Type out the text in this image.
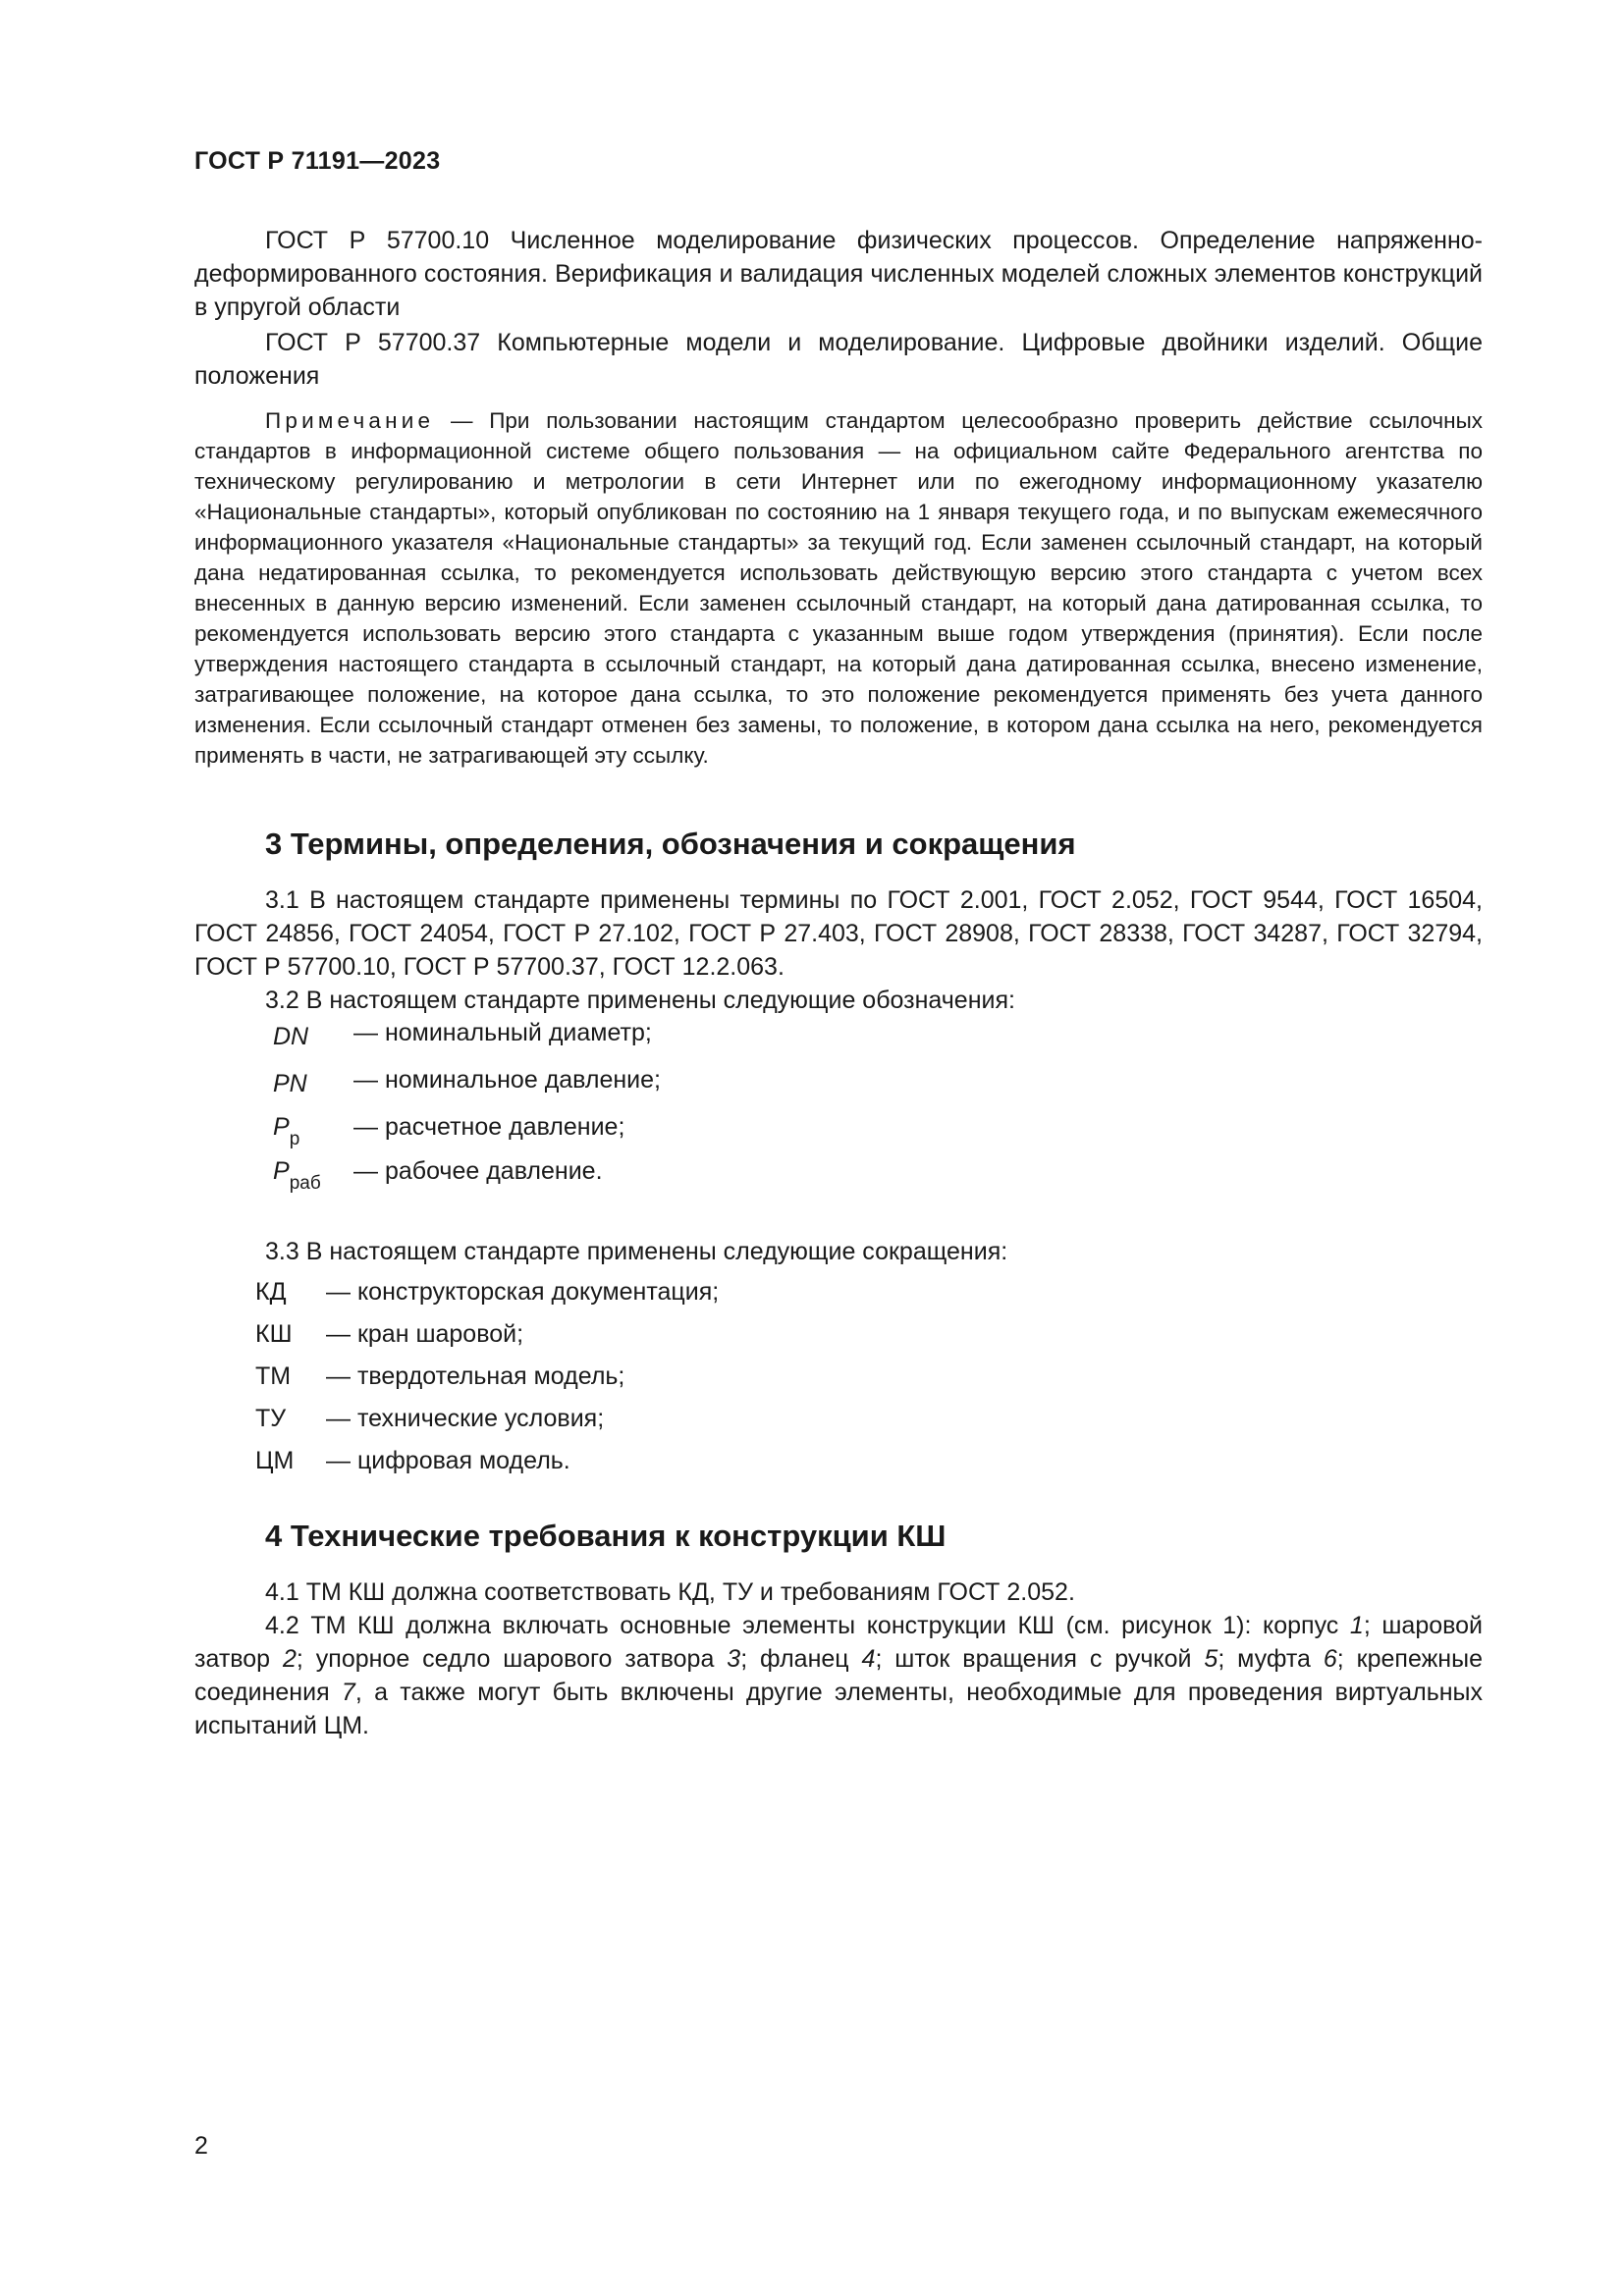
ГОСТ Р 71191—2023

ГОСТ Р 57700.10 Численное моделирование физических процессов. Определение напряженно-деформированного состояния. Верификация и валидация численных моделей сложных элементов конструкций в упругой области

ГОСТ Р 57700.37 Компьютерные модели и моделирование. Цифровые двойники изделий. Общие положения

Примечание — При пользовании настоящим стандартом целесообразно проверить действие ссылочных стандартов в информационной системе общего пользования — на официальном сайте Федерального агентства по техническому регулированию и метрологии в сети Интернет или по ежегодному информационному указателю «Национальные стандарты», который опубликован по состоянию на 1 января текущего года, и по выпускам ежемесячного информационного указателя «Национальные стандарты» за текущий год. Если заменен ссылочный стандарт, на который дана недатированная ссылка, то рекомендуется использовать действующую версию этого стандарта с учетом всех внесенных в данную версию изменений. Если заменен ссылочный стандарт, на который дана датированная ссылка, то рекомендуется использовать версию этого стандарта с указанным выше годом утверждения (принятия). Если после утверждения настоящего стандарта в ссылочный стандарт, на который дана датированная ссылка, внесено изменение, затрагивающее положение, на которое дана ссылка, то это положение рекомендуется применять без учета данного изменения. Если ссылочный стандарт отменен без замены, то положение, в котором дана ссылка на него, рекомендуется применять в части, не затрагивающей эту ссылку.

3 Термины, определения, обозначения и сокращения

3.1 В настоящем стандарте применены термины по ГОСТ 2.001, ГОСТ 2.052, ГОСТ 9544, ГОСТ 16504, ГОСТ 24856, ГОСТ 24054, ГОСТ Р 27.102, ГОСТ Р 27.403, ГОСТ 28908, ГОСТ 28338, ГОСТ 34287, ГОСТ 32794, ГОСТ Р 57700.10, ГОСТ Р 57700.37, ГОСТ 12.2.063.

3.2 В настоящем стандарте применены следующие обозначения:

DN — номинальный диаметр;
PN — номинальное давление;
$P_р$ — расчетное давление;
$P_{раб}$ — рабочее давление.

3.3 В настоящем стандарте применены следующие сокращения:

КД — конструкторская документация;
КШ — кран шаровой;
ТМ — твердотельная модель;
ТУ — технические условия;
ЦМ — цифровая модель.
4 Технические требования к конструкции КШ

4.1 ТМ КШ должна соответствовать КД, ТУ и требованиям ГОСТ 2.052.

4.2 ТМ КШ должна включать основные элементы конструкции КШ (см. рисунок 1): корпус 1; шаровой затвор 2; упорное седло шарового затвора 3; фланец 4; шток вращения с ручкой 5; муфта 6; крепежные соединения 7, а также могут быть включены другие элементы, необходимые для проведения виртуальных испытаний ЦМ.

2
